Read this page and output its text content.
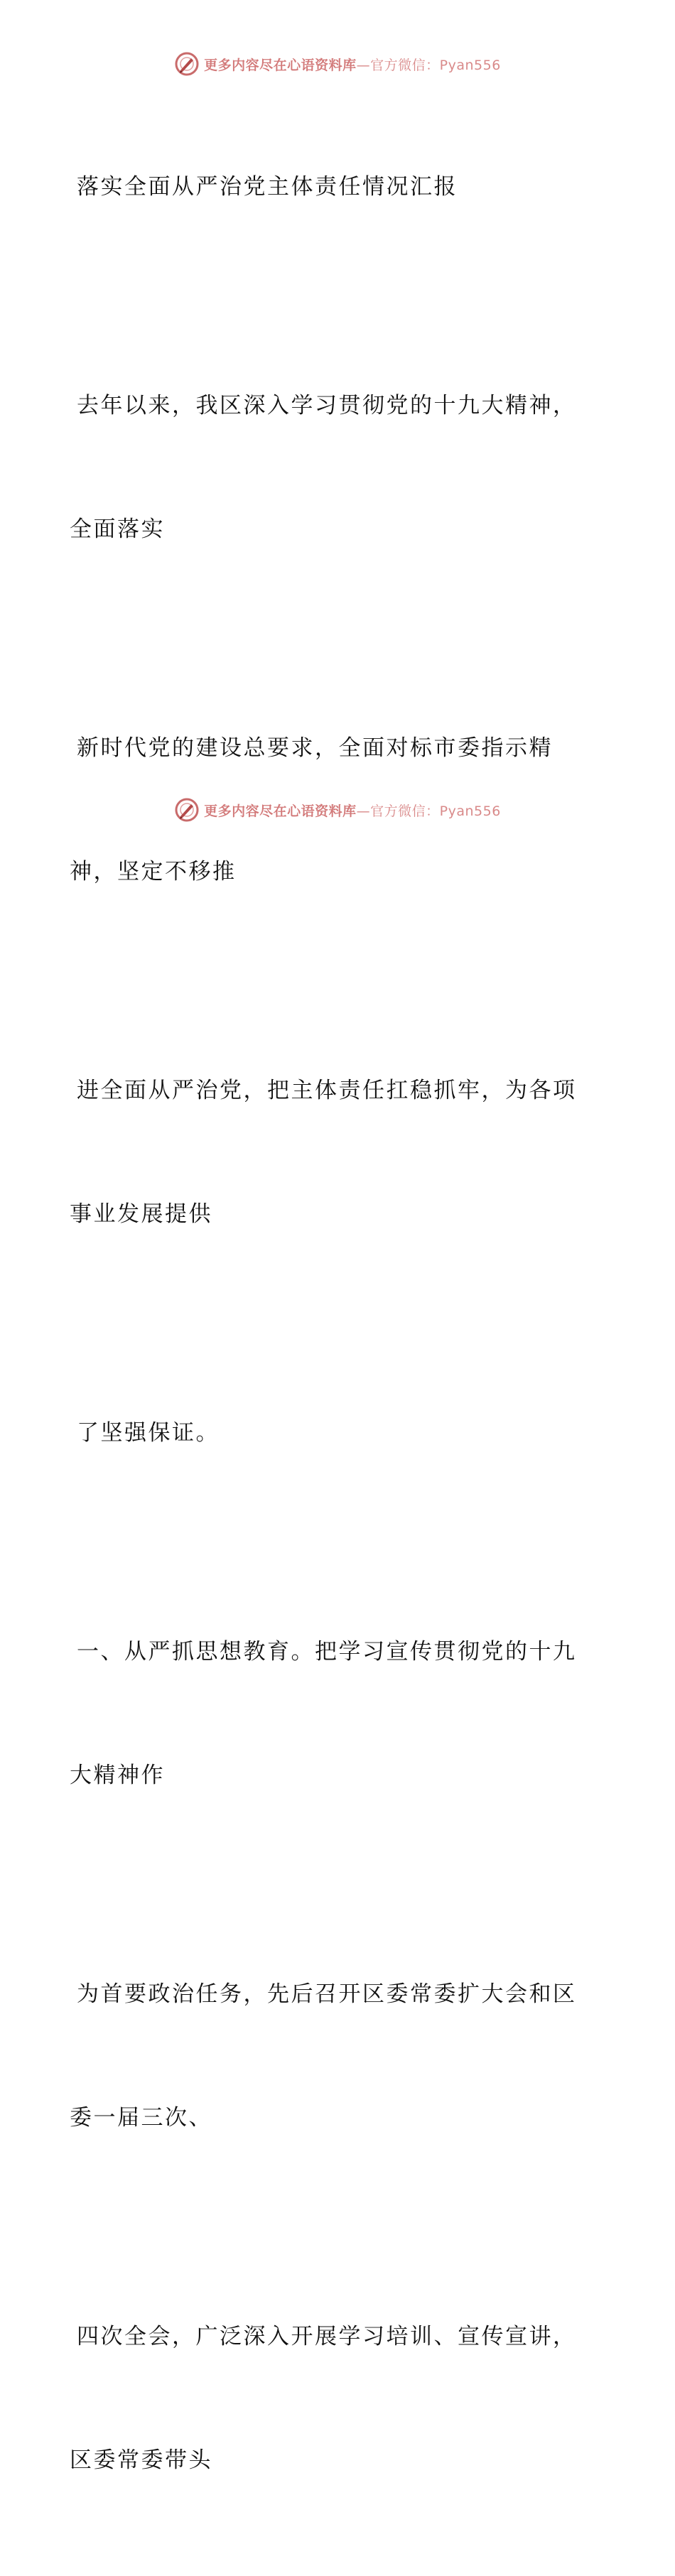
更多内容尽在心语资料库—官方微信：Pyan556

落实全面从严治党主体责任情况汇报

去年以来，我区深入学习贯彻党的十九大精神，

全面落实

新时代党的建设总要求，全面对标市委指示精

神，坚定不移推

进全面从严治党，把主体责任扛稳抓牢，为各项

事业发展提供

了坚强保证。

一、从严抓思想教育。把学习宣传贯彻党的十九

大精神作

为首要政治任务，先后召开区委常委扩大会和区

委一届三次、

四次全会，广泛深入开展学习培训、宣传宣讲，

区委常委带头

更多内容尽在心语资料库—官方微信：Pyan556
